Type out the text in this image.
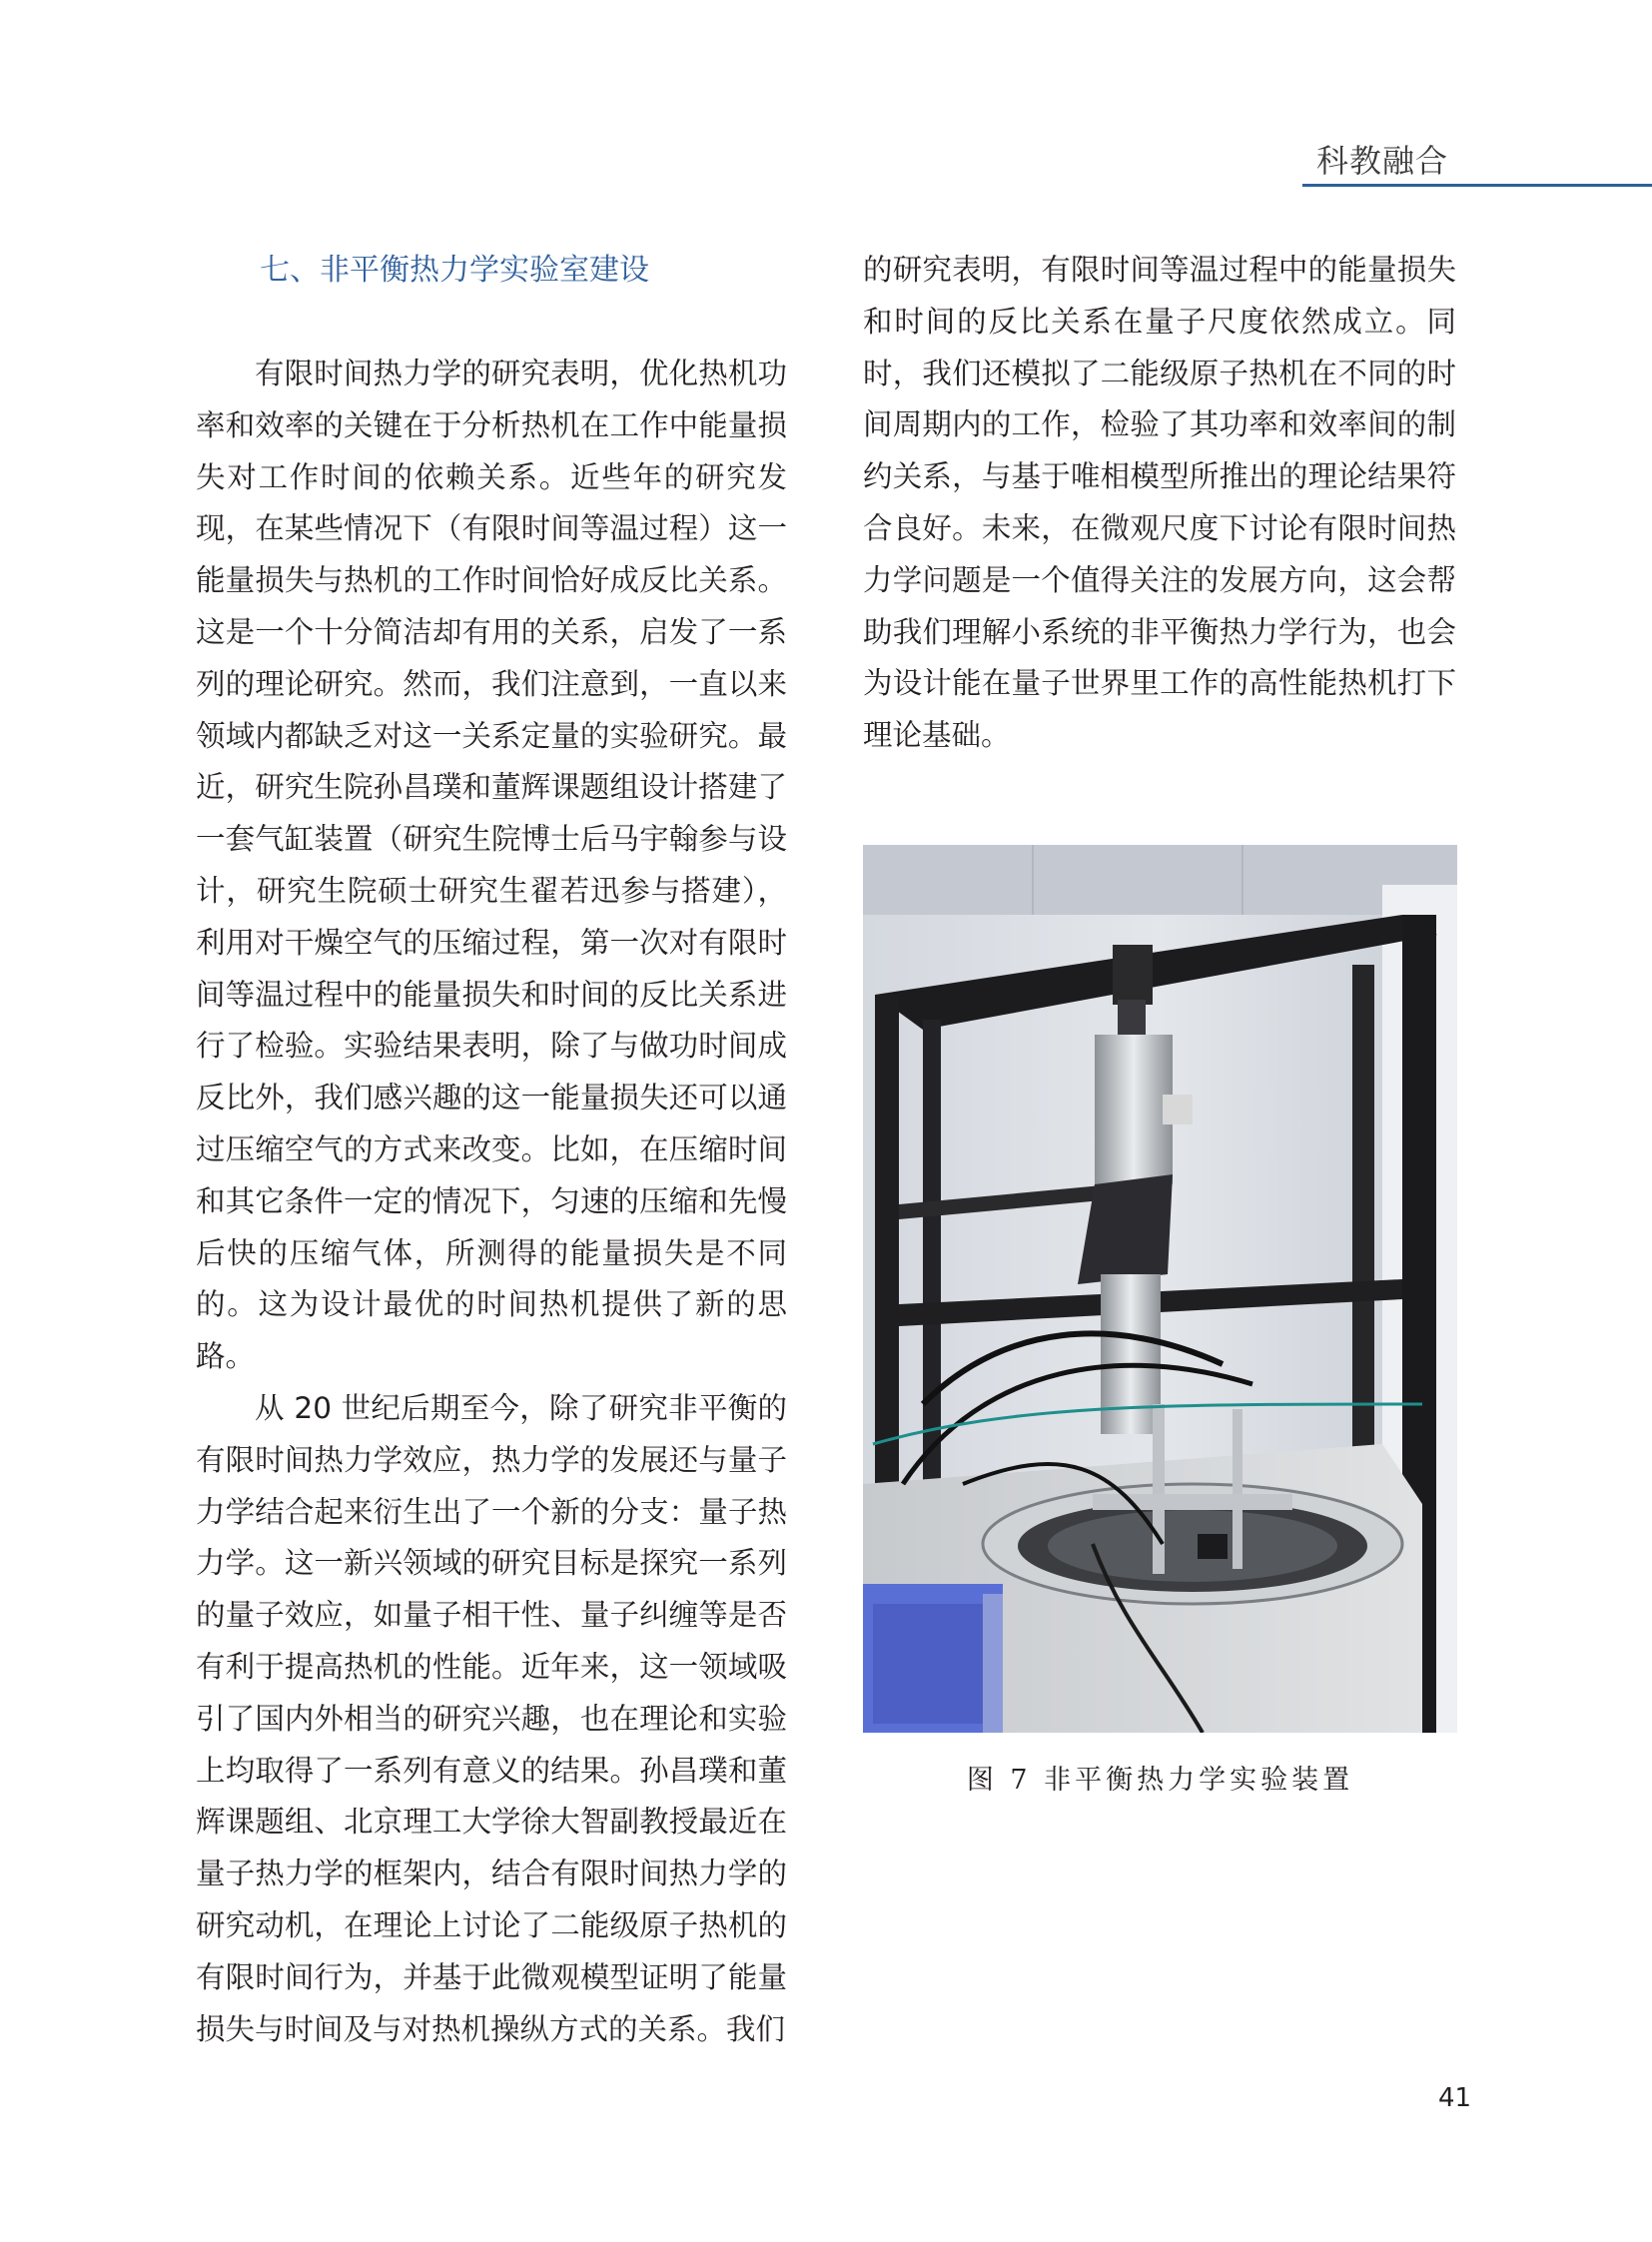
科教融合
七、非平衡热力学实验室建设

有限时间热力学的研究表明，优化热机功率和效率的关键在于分析热机在工作中能量损失对工作时间的依赖关系。近些年的研究发现，在某些情况下（有限时间等温过程）这一能量损失与热机的工作时间恰好成反比关系。这是一个十分简洁却有用的关系，启发了一系列的理论研究。然而，我们注意到，一直以来领域内都缺乏对这一关系定量的实验研究。最近，研究生院孙昌璞和董辉课题组设计搭建了一套气缸装置（研究生院博士后马宇翰参与设计，研究生院硕士研究生翟若迅参与搭建），利用对干燥空气的压缩过程，第一次对有限时间等温过程中的能量损失和时间的反比关系进行了检验。实验结果表明，除了与做功时间成反比外，我们感兴趣的这一能量损失还可以通过压缩空气的方式来改变。比如，在压缩时间和其它条件一定的情况下，匀速的压缩和先慢后快的压缩气体，所测得的能量损失是不同的。这为设计最优的时间热机提供了新的思路。

从 20 世纪后期至今，除了研究非平衡的有限时间热力学效应，热力学的发展还与量子力学结合起来衍生出了一个新的分支：量子热力学。这一新兴领域的研究目标是探究一系列的量子效应，如量子相干性、量子纠缠等是否有利于提高热机的性能。近年来，这一领域吸引了国内外相当的研究兴趣，也在理论和实验上均取得了一系列有意义的结果。孙昌璞和董辉课题组、北京理工大学徐大智副教授最近在量子热力学的框架内，结合有限时间热力学的研究动机，在理论上讨论了二能级原子热机的有限时间行为，并基于此微观模型证明了能量损失与时间及与对热机操纵方式的关系。我们

的研究表明，有限时间等温过程中的能量损失和时间的反比关系在量子尺度依然成立。同时，我们还模拟了二能级原子热机在不同的时间周期内的工作，检验了其功率和效率间的制约关系，与基于唯相模型所推出的理论结果符合良好。未来，在微观尺度下讨论有限时间热力学问题是一个值得关注的发展方向，这会帮助我们理解小系统的非平衡热力学行为，也会为设计能在量子世界里工作的高性能热机打下理论基础。

图 7 非平衡热力学实验装置
41
